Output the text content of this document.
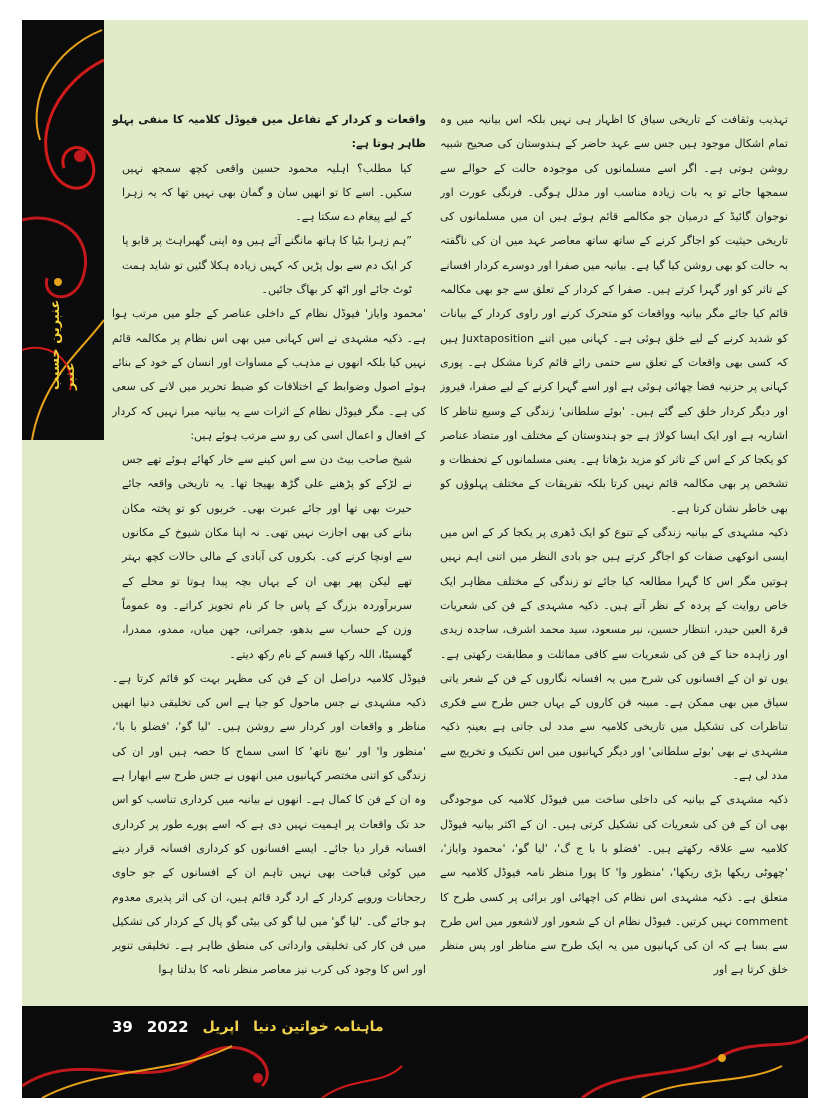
عنبرین حسیب عنبر

تہذیب وثقافت کے تاریخی سیاق کا اظہار ہی نہیں بلکہ اس بیانیہ میں وہ تمام اشکال موجود ہیں جس سے عہد حاضر کے ہندوستان کی صحیح شبیہ روشن ہوتی ہے۔ اگر اسے مسلمانوں کی موجودہ حالت کے حوالے سے سمجھا جائے تو یہ بات زیادہ مناسب اور مدلل ہوگی۔ فرنگی عورت اور نوجوان گائیڈ کے درمیان جو مکالمے قائم ہوئے ہیں ان میں مسلمانوں کی تاریخی حیثیت کو اجاگر کرنے کے ساتھ ساتھ معاصر عہد میں ان کی ناگفتہ بہ حالت کو بھی روشن کیا گیا ہے۔ بیانیہ میں صفرا اور دوسرے کردار افسانے کے تاثر کو اور گہرا کرتے ہیں۔ صفرا کے کردار کے تعلق سے جو بھی مکالمہ قائم کیا جائے مگر بیانیہ وواقعات کو متحرک کرنے اور راوی کردار کے بیانات کو شدید کرنے کے لیے خلق ہوئی ہے۔ کہانی میں اتنے Juxtaposition ہیں کہ کسی بھی واقعات کے تعلق سے حتمی رائے قائم کرنا مشکل ہے۔ پوری کہانی پر حزنیہ فضا چھائی ہوئی ہے اور اسے گہرا کرنے کے لیے صفرا، فیروز اور دیگر کردار خلق کیے گئے ہیں۔ 'بوئے سلطانی' زندگی کے وسیع تناظر کا اشاریہ ہے اور ایک ایسا کولاژ ہے جو ہندوستان کے مختلف اور متضاد عناصر کو یکجا کر کے اس کے تاثر کو مزید بڑھاتا ہے۔ یعنی مسلمانوں کے تحفظات و تشخص پر بھی مکالمہ قائم نہیں کرتا بلکہ تفریقات کے مختلف پہلوؤں کو بھی خاطر نشان کرتا ہے۔

ذکیہ مشہدی کے بیانیہ زندگی کے تنوع کو ایک ڈھری پر یکجا کر کے اس میں ایسی انوکھی صفات کو اجاگر کرتے ہیں جو بادی النظر میں اتنی اہم نہیں ہوتیں مگر اس کا گہرا مطالعہ کیا جائے تو زندگی کے مختلف مظاہر ایک خاص روایت کے پردہ کے نظر آتے ہیں۔ ذکیہ مشہدی کے فن کی شعریات قرۃ العین حیدر، انتظار حسین، نیر مسعود، سید محمد اشرف، ساجدہ زیدی اور زاہدہ حنا کے فن کی شعریات سے کافی مماثلت و مطابقت رکھتی ہے۔ یوں تو ان کے افسانوں کی شرح میں یہ افسانہ نگاروں کے فن کے شعر یاتی سیاق میں بھی ممکن ہے۔ مبینہ فن کاروں کے یہاں جس طرح سے فکری تناظرات کی تشکیل میں تاریخی کلامیہ سے مدد لی جاتی ہے بعینہٖ ذکیہ مشہدی نے بھی 'بوئے سلطانی' اور دیگر کہانیوں میں اس تکنیک و تخریج سے مدد لی ہے۔

ذکیہ مشہدی کے بیانیہ کی داخلی ساخت میں فیوڈل کلامیہ کی موجودگی بھی ان کے فن کی شعریات کی تشکیل کرتی ہیں۔ ان کے اکثر بیانیہ فیوڈل کلامیہ سے علاقہ رکھتے ہیں۔ 'فضلو با با ج گ'، 'لیا گو'، 'محمود وایاز'، 'چھوٹی ریکھا بڑی ریکھا'، 'منظور وا' کا پورا منظر نامہ فیوڈل کلامیہ سے متعلق ہے۔ ذکیہ مشہدی اس نظام کی اچھائی اور برائی پر کسی طرح کا comment نہیں کرتیں۔ فیوڈل نظام ان کے شعور اور لاشعور میں اس طرح سے بسا ہے کہ ان کی کہانیوں میں یہ ایک طرح سے مناظر اور پس منظر خلق کرتا ہے اور

واقعات و کردار کے تفاعل میں فیوڈل کلامیہ کا منفی پہلو ظاہر ہوتا ہے:

کیا مطلب؟ اہلیہ محمود حسین واقعی کچھ سمجھ نہیں سکیں۔ اسے کا تو انھیں سان و گمان بھی نہیں تھا کہ یہ زہرا کے لیے پیغام دے سکتا ہے۔

”ہم زہرا بٹیا کا ہاتھ مانگنے آئے ہیں وہ اپنی گھبراہٹ پر قابو پا کر ایک دم سے بول پڑیں کہ کہیں زیادہ ہکلا گئیں تو شاید ہمت ٹوٹ جائے اور اٹھ کر بھاگ جائیں۔

'محمود وایاز' فیوڈل نظام کے داخلی عناصر کے جلو میں مرتب ہوا ہے۔ ذکیہ مشہدی نے اس کہانی میں بھی اس نظام پر مکالمہ قائم نہیں کیا بلکہ انھوں نے مذہب کے مساوات اور انسان کے خود کے بنائے ہوئے اصول وضوابط کے اختلافات کو ضبط تحریر میں لانے کی سعی کی ہے۔ مگر فیوڈل نظام کے اثرات سے یہ بیانیہ مبرا نہیں کہ کردار کے افعال و اعمال اسی کی رو سے مرتب ہوئے ہیں:

شیخ صاحب بیٹ دن سے اس کینے سے خار کھائے ہوئے تھے جس نے لڑکے کو پڑھنے علی گڑھ بھیجا تھا۔ یہ تاریخی واقعہ جائے حیرت بھی تھا اور جائے عبرت بھی۔ خربوں کو تو پختہ مکان بنانے کی بھی اجازت نہیں تھی۔ نہ اپنا مکان شیوخ کے مکانوں سے اونچا کرنے کی۔ بکروں کی آبادی کے مالی حالات کچھ بہتر تھے لیکن پھر بھی ان کے یہاں بچہ پیدا ہوتا تو محلے کے سربرآوردہ بزرگ کے پاس جا کر نام تجویز کراتے۔ وہ عموماً وزن کے حساب سے بدھو، جمراتی، جھن میاں، ممدو، ممدرا، گھسیٹا، اللہ رکھا قسم کے نام رکھ دیتے۔

فیوڈل کلامیہ دراصل ان کے فن کی مظہر بہت کو قائم کرتا ہے۔ ذکیہ مشہدی نے جس ماحول کو جیا ہے اس کی تخلیقی دنیا انھیں مناظر و واقعات اور کردار سے روشن ہیں۔ 'لیا گو'، 'فضلو با با'، 'منظور وا' اور 'نیچ ناتھ' کا اسی سماج کا حصہ ہیں اور ان کی زندگی کو اتنی مختصر کہانیوں میں انھوں نے جس طرح سے ابھارا ہے وہ ان کے فن کا کمال ہے۔ انھوں نے بیانیہ میں کرداری تناسب کو اس حد تک واقعات پر اہمیت نہیں دی ہے کہ اسے پورے طور پر کرداری افسانہ قرار دیا جائے۔ ایسے افسانوں کو کرداری افسانہ قرار دینے میں کوئی قباحت بھی نہیں تاہم ان کے افسانوں کے جو حاوی رجحانات ورویے کردار کے ارد گرد قائم ہیں، ان کی اثر پذیری معدوم ہو جائے گی۔ 'لیا گو' میں لیا گو کی بیٹی گو پال کے کردار کی تشکیل میں فن کار کی تخلیقی وارداتی کی منطق ظاہر ہے۔ تخلیقی تنویر اور اس کا وجود کی کرب نیز معاصر منظر نامہ کا بدلتا ہوا

ماہنامہ خواتین دنیا
اپریل
2022
39
